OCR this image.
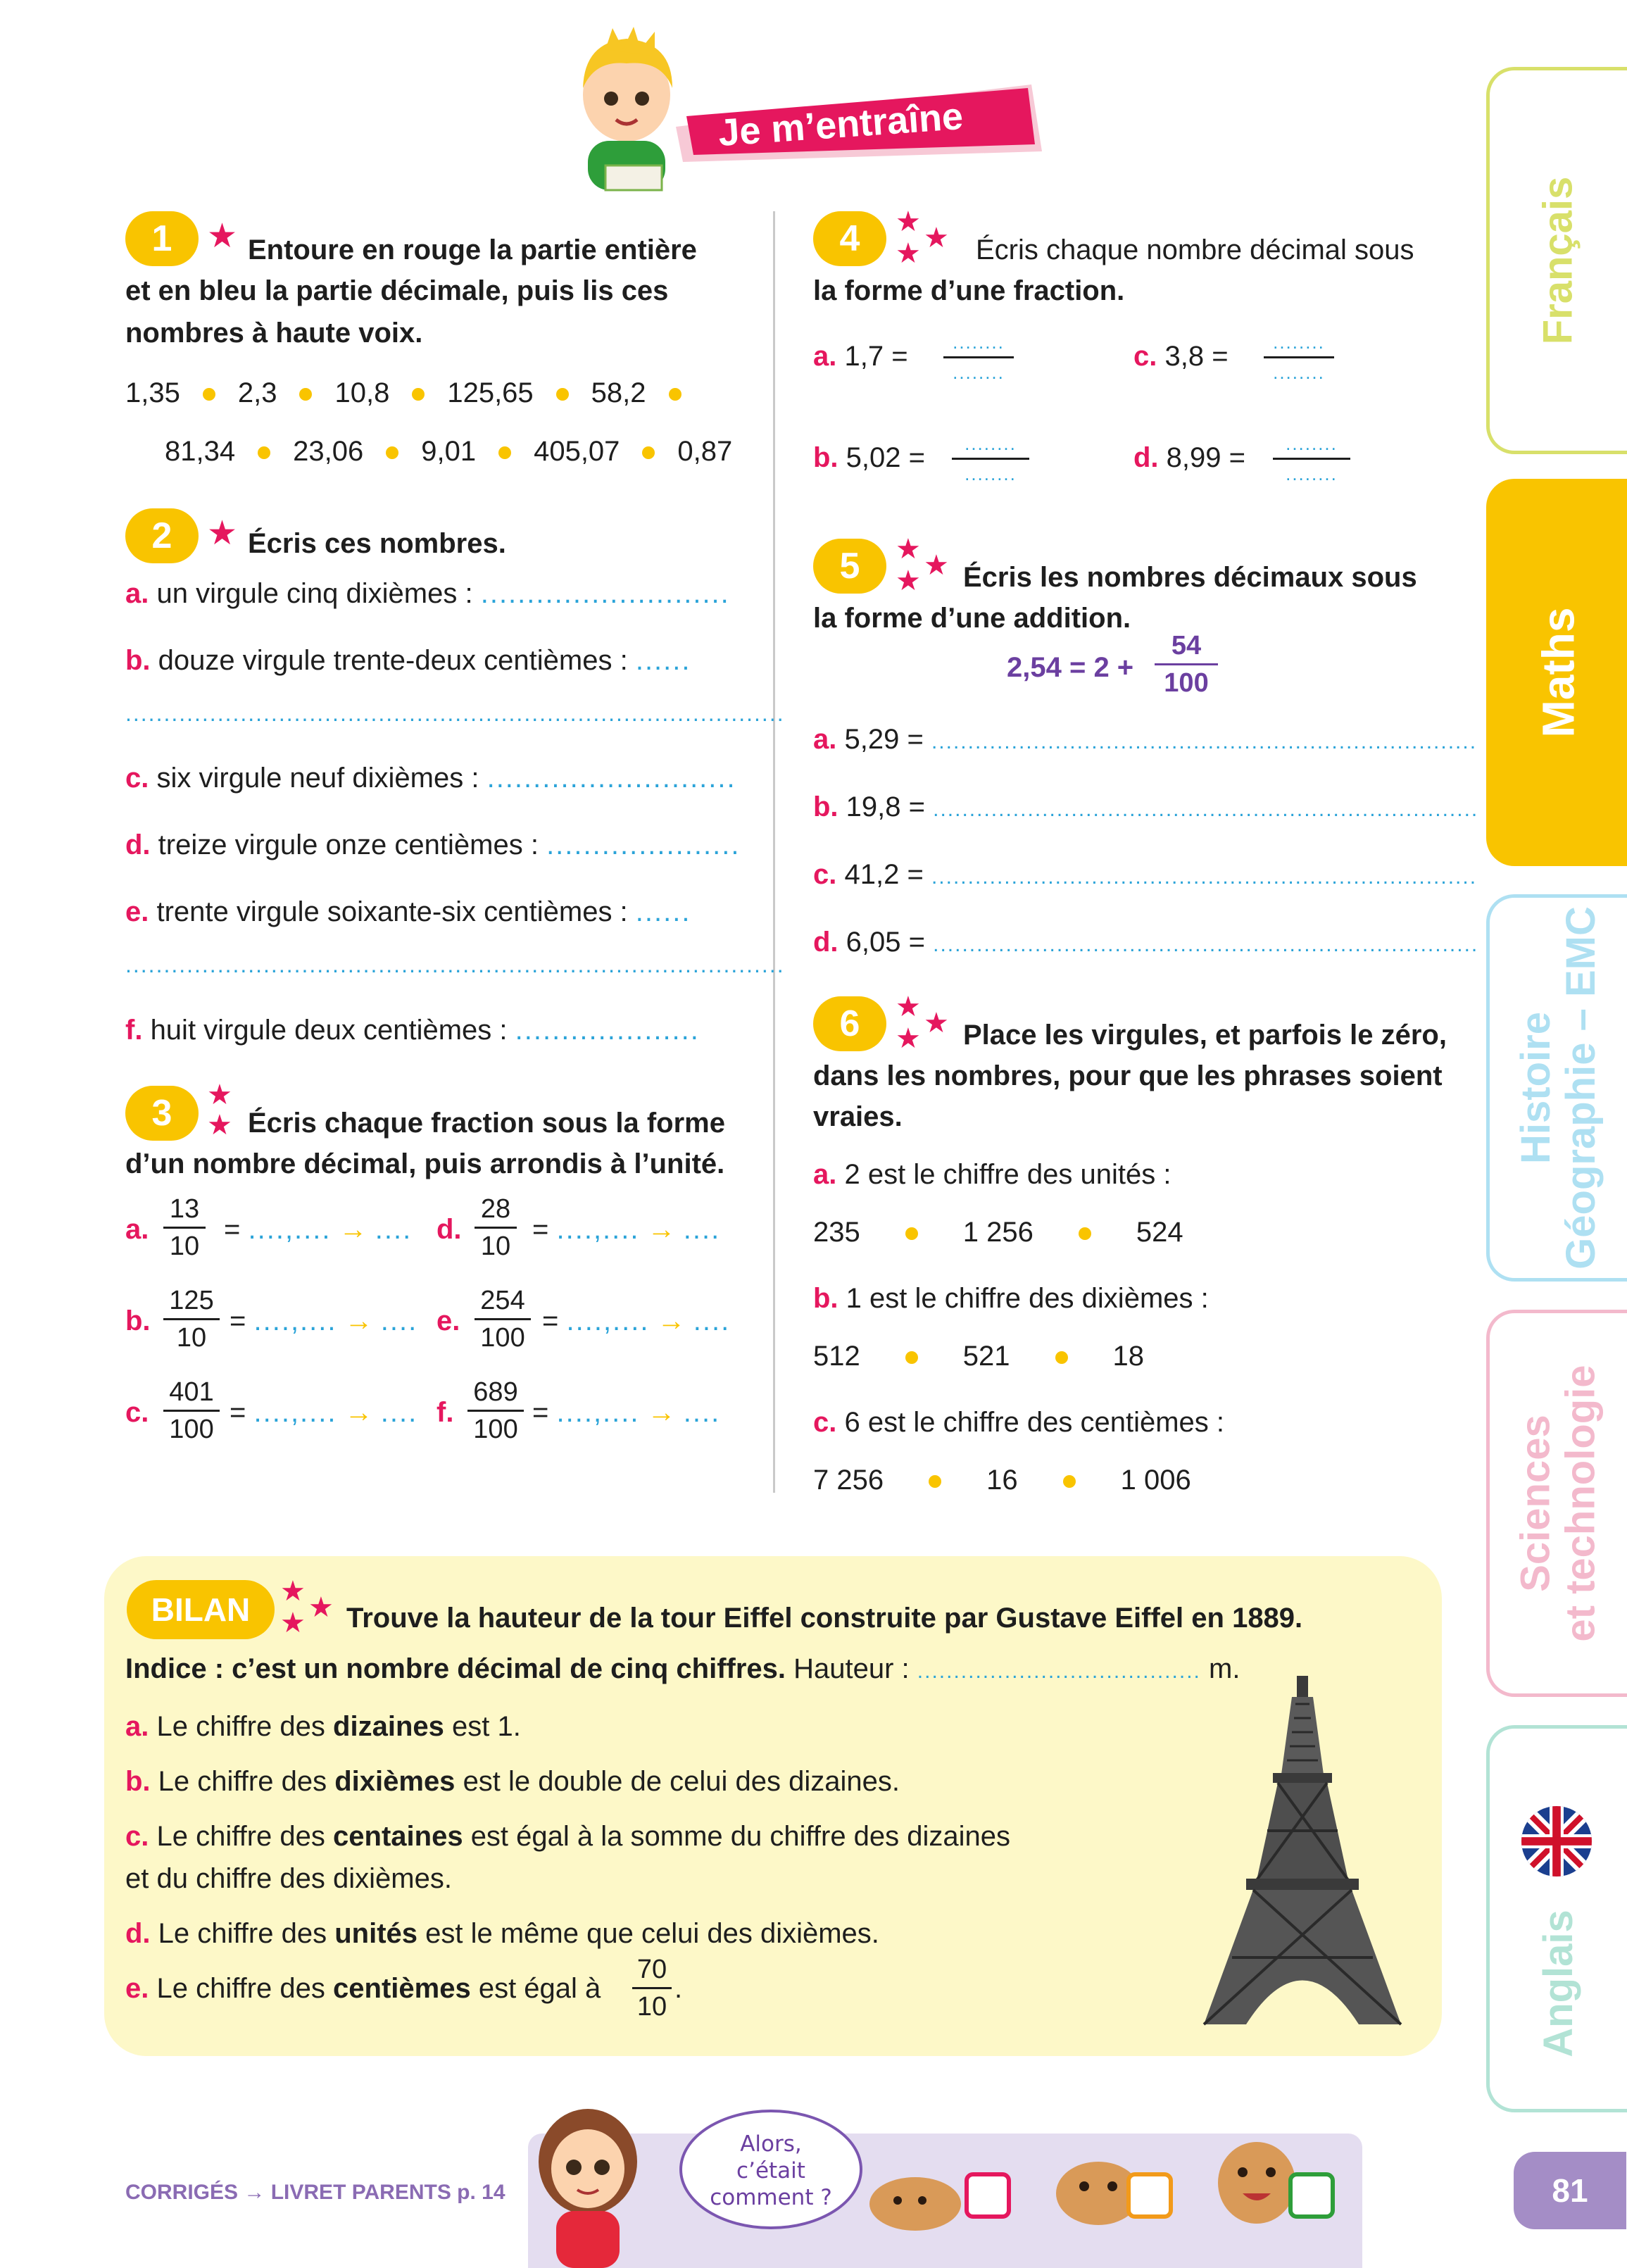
Je m’entraîne
Français
Maths
Histoire Géographie – EMC
Sciences et technologie
Anglais
1	★ Entoure en rouge la partie entière
et en bleu la partie décimale, puis lis ces
nombres à haute voix.
1,35 2,3 10,8 125,65 58,2
81,34 23,06 9,01 405,07 0,87
2	★ Écris ces nombres.
a. un virgule cinq dixièmes : ...........................
b. douze virgule trente-deux centièmes : ......
......................................................................................
c. six virgule neuf dixièmes : ...........................
d. treize virgule onze centièmes : .....................
e. trente virgule soixante-six centièmes : ......
......................................................................................
f. huit virgule deux centièmes : ....................
3	★
★ Écris chaque fraction sous la forme
d’un nombre décimal, puis arrondis à l’unité.
a.
13
10
= ....,.... → .... d.
28
10
= ....,.... → ....
b.
125
10
= ....,.... → .... e.
254
100
= ....,.... → ....
c.
401
100
= ....,.... → .... f.
689
100
= ....,.... → ....
4	★
★ ★ Écris chaque nombre décimal sous
la forme d’une fraction.
a. 1,7 = ........
........
c. 3,8 = ........
........
b. 5,02 = ........
........
d. 8,99 = ........
........
5	★
★ ★ Écris les nombres décimaux sous
la forme d’une addition.
2,54 = 2 +
54
100
a. 5,29 = ...........................................................................
b. 19,8 = ...........................................................................
c. 41,2 = ...........................................................................
d. 6,05 = ...........................................................................
6	★
★ ★ Place les virgules, et parfois le zéro,
dans les nombres, pour que les phrases soient
vraies.
a. 2 est le chiffre des unités :
235	1 256	524
b. 1 est le chiffre des dixièmes :
512	521	18
c. 6 est le chiffre des centièmes :
7 256	16	1 006
BILAN	★
★ ★ Trouve la hauteur de la tour Eiffel construite par Gustave Eiffel en 1889.
Indice : c’est un nombre décimal de cinq chiffres. Hauteur : ....................................... m.
a. Le chiffre des dizaines est 1.
b. Le chiffre des dixièmes est le double de celui des dizaines.
c. Le chiffre des centaines est égal à la somme du chiffre des dizaines
et du chiffre des dixièmes.
d. Le chiffre des unités est le même que celui des dixièmes.
e. Le chiffre des centièmes est égal à
70
10
.
CORRIGÉS → LIVRET PARENTS p. 14
Alors,
c’était
comment ?	81
